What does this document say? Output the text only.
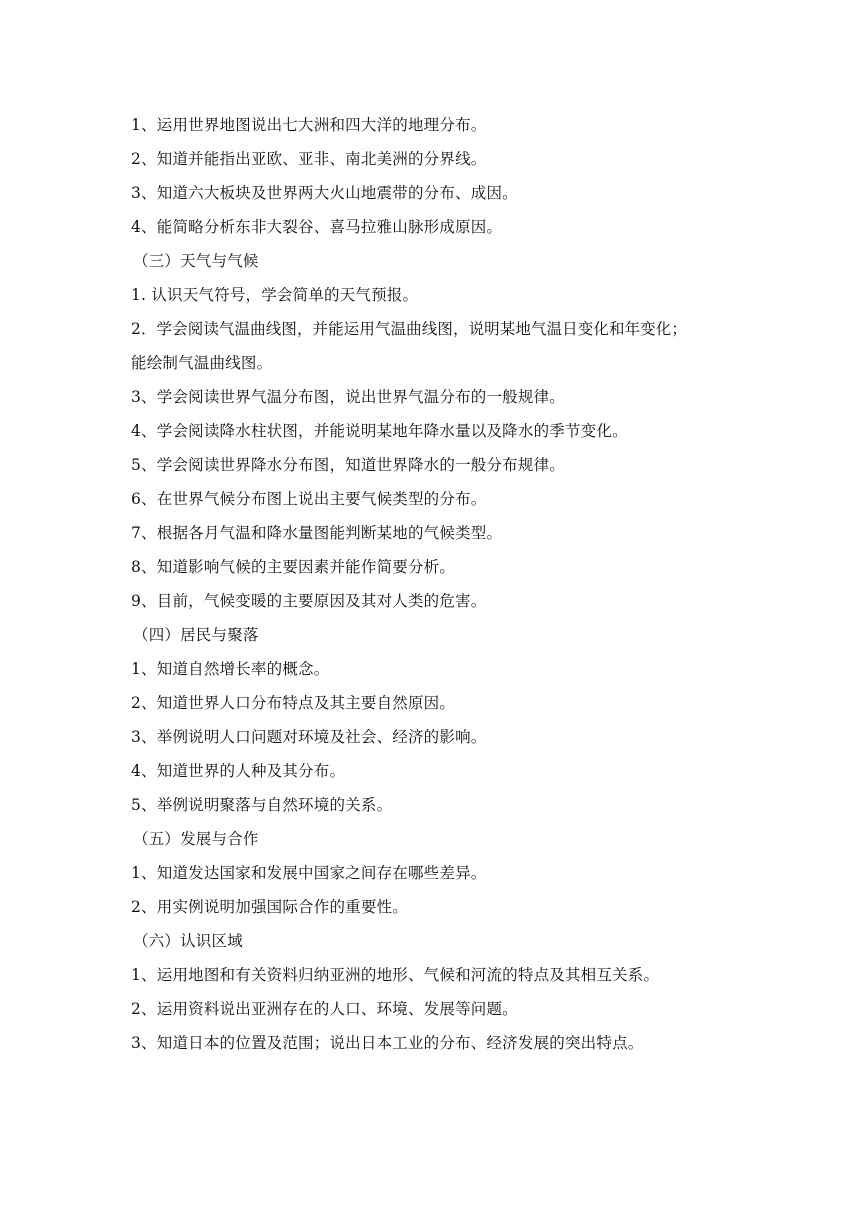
1、运用世界地图说出七大洲和四大洋的地理分布。
2、知道并能指出亚欧、亚非、南北美洲的分界线。
3、知道六大板块及世界两大火山地震带的分布、成因。
4、能简略分析东非大裂谷、喜马拉雅山脉形成原因。
（三）天气与气候
1. 认识天气符号，学会简单的天气预报。
2．学会阅读气温曲线图，并能运用气温曲线图，说明某地气温日变化和年变化；
能绘制气温曲线图。
3、学会阅读世界气温分布图，说出世界气温分布的一般规律。
4、学会阅读降水柱状图，并能说明某地年降水量以及降水的季节变化。
5、学会阅读世界降水分布图，知道世界降水的一般分布规律。
6、在世界气候分布图上说出主要气候类型的分布。
7、根据各月气温和降水量图能判断某地的气候类型。
8、知道影响气候的主要因素并能作简要分析。
9、目前，气候变暖的主要原因及其对人类的危害。
（四）居民与聚落
1、知道自然增长率的概念。
2、知道世界人口分布特点及其主要自然原因。
3、举例说明人口问题对环境及社会、经济的影响。
4、知道世界的人种及其分布。
5、举例说明聚落与自然环境的关系。
（五）发展与合作
1、知道发达国家和发展中国家之间存在哪些差异。
2、用实例说明加强国际合作的重要性。
（六）认识区域
1、运用地图和有关资料归纳亚洲的地形、气候和河流的特点及其相互关系。
2、运用资料说出亚洲存在的人口、环境、发展等问题。
3、知道日本的位置及范围；说出日本工业的分布、经济发展的突出特点。
